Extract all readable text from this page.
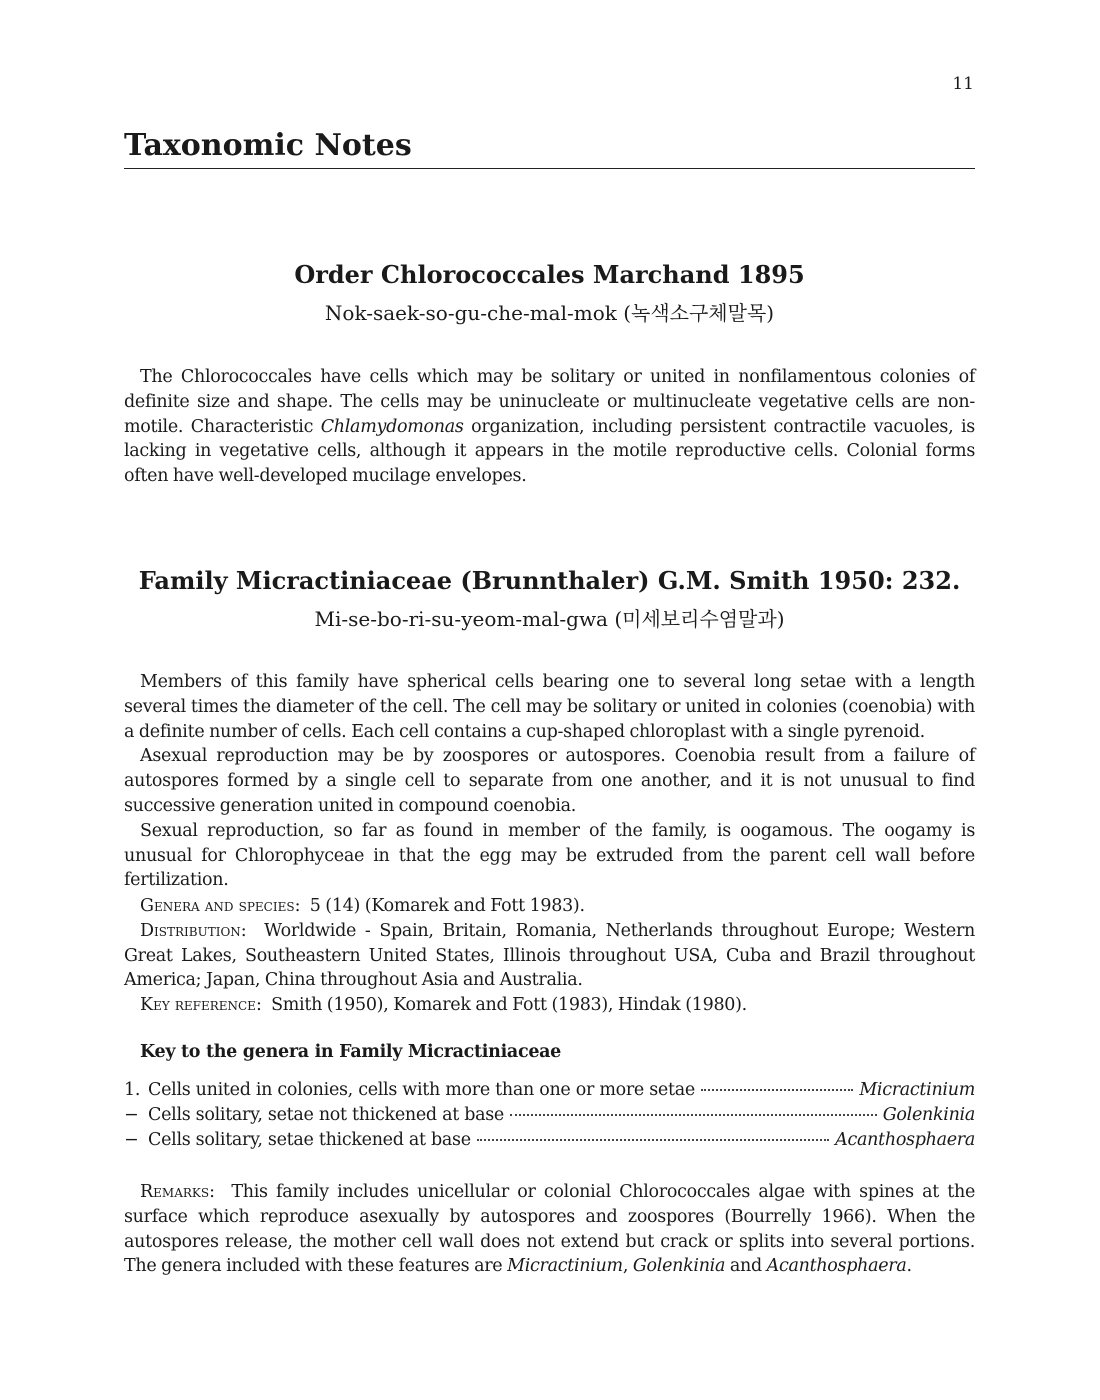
11
Taxonomic Notes
Order Chlorococcales Marchand 1895
Nok-saek-so-gu-che-mal-mok (녹색소구체말목)

The Chlorococcales have cells which may be solitary or united in nonfilamentous colonies of definite size and shape. The cells may be uninucleate or multinucleate vegetative cells are non-motile. Characteristic Chlamydomonas organization, including persistent contractile vacuoles, is lacking in vegetative cells, although it appears in the motile reproductive cells. Colonial forms often have well-developed mucilage envelopes.

Family Micractiniaceae (Brunnthaler) G.M. Smith 1950: 232.
Mi-se-bo-ri-su-yeom-mal-gwa (미세보리수염말과)

Members of this family have spherical cells bearing one to several long setae with a length several times the diameter of the cell. The cell may be solitary or united in colonies (coenobia) with a definite number of cells. Each cell contains a cup-shaped chloroplast with a single pyrenoid.

Asexual reproduction may be by zoospores or autospores. Coenobia result from a failure of autospores formed by a single cell to separate from one another, and it is not unusual to find successive generation united in compound coenobia.

Sexual reproduction, so far as found in member of the family, is oogamous. The oogamy is unusual for Chlorophyceae in that the egg may be extruded from the parent cell wall before fertilization.

Genera and species:  5 (14) (Komarek and Fott 1983).

Distribution:  Worldwide - Spain, Britain, Romania, Netherlands throughout Europe; Western Great Lakes, Southeastern United States, Illinois throughout USA, Cuba and Brazil throughout America; Japan, China throughout Asia and Australia.

Key reference:  Smith (1950), Komarek and Fott (1983), Hindak (1980).

Key to the genera in Family Micractiniaceae
1. Cells united in colonies, cells with more than one or more setae	Micractinium
− Cells solitary, setae not thickened at base	Golenkinia
− Cells solitary, setae thickened at base	Acanthosphaera

Remarks:  This family includes unicellular or colonial Chlorococcales algae with spines at the surface which reproduce asexually by autospores and zoospores (Bourrelly 1966). When the autospores release, the mother cell wall does not extend but crack or splits into several portions. The genera included with these features are Micractinium, Golenkinia and Acanthosphaera.
